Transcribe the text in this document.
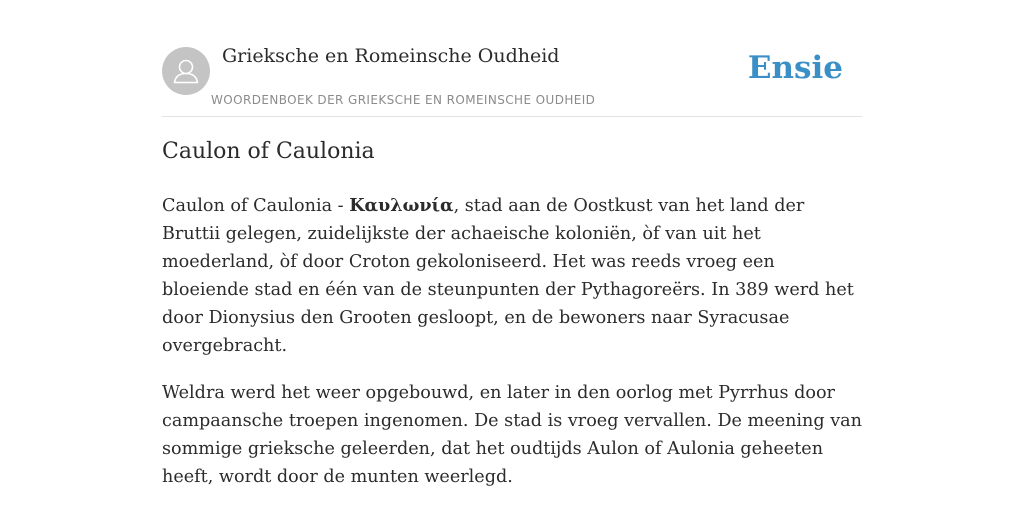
Grieksche en Romeinsche Oudheid
WOORDENBOEK DER GRIEKSCHE EN ROMEINSCHE OUDHEID
Ensie
Caulon of Caulonia

Caulon of Caulonia - Καυλωνία, stad aan de Oostkust van het land der Bruttii gelegen, zuidelijkste der achaeische koloniën, òf van uit het moederland, òf door Croton gekoloniseerd. Het was reeds vroeg een bloeiende stad en één van de steunpunten der Pythagoreërs. In 389 werd het door Dionysius den Grooten gesloopt, en de bewoners naar Syracusae overgebracht.

Weldra werd het weer opgebouwd, en later in den oorlog met Pyrrhus door campaansche troepen ingenomen. De stad is vroeg vervallen. De meening van sommige grieksche geleerden, dat het oudtijds Aulon of Aulonia geheeten heeft, wordt door de munten weerlegd.
